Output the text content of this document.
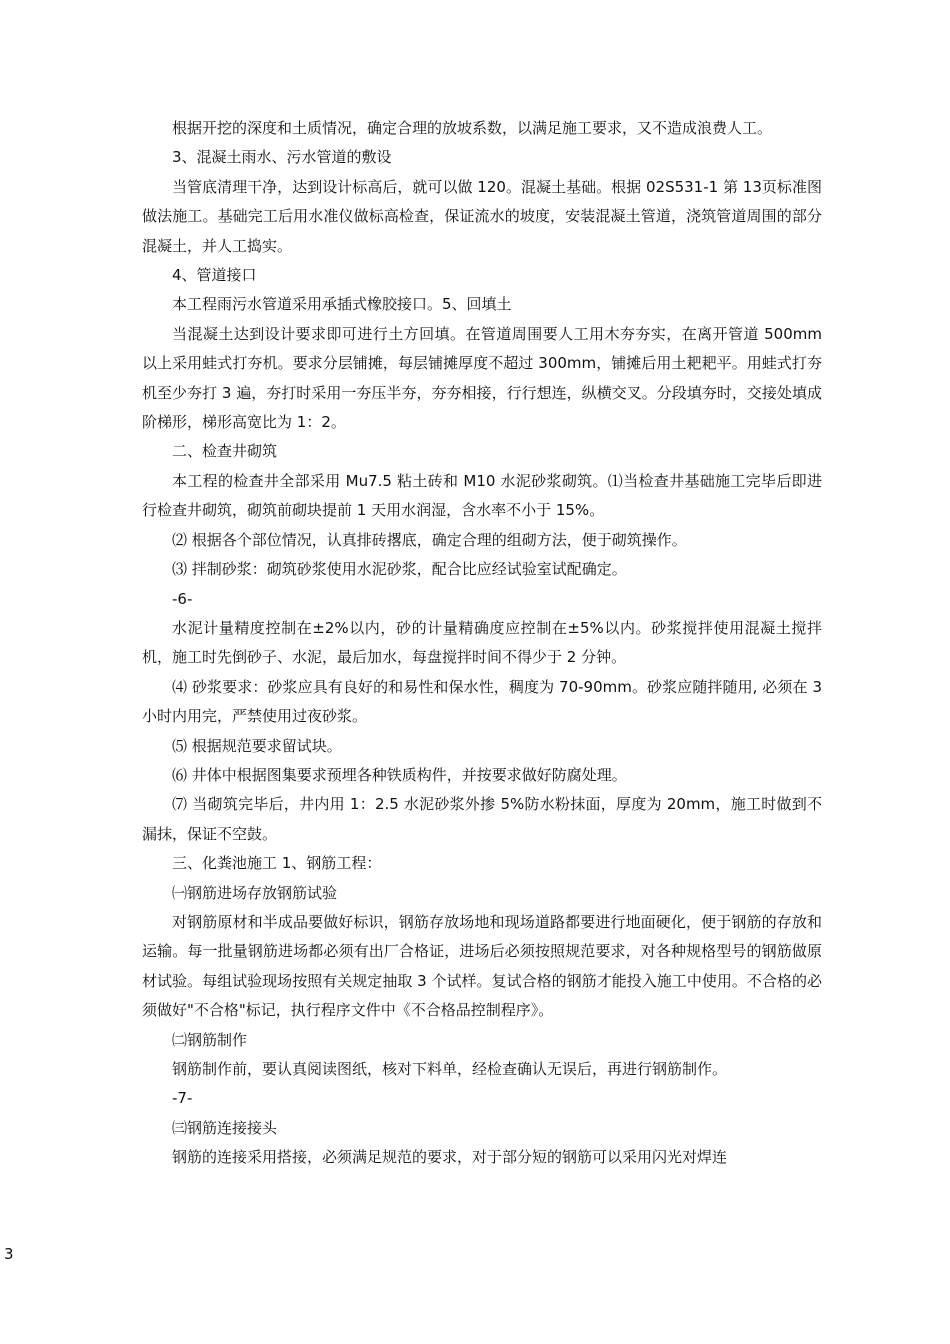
根据开挖的深度和土质情况，确定合理的放坡系数，以满足施工要求，又不造成浪费人工。

3、混凝土雨水、污水管道的敷设

当管底清理干净，达到设计标高后，就可以做 120。混凝土基础。根据 02S531-1 第 13页标准图做法施工。基础完工后用水准仪做标高检查，保证流水的坡度，安装混凝土管道，浇筑管道周围的部分混凝土，并人工捣实。

4、管道接口

本工程雨污水管道采用承插式橡胶接口。5、回填土

当混凝土达到设计要求即可进行土方回填。在管道周围要人工用木夯夯实，在离开管道 500mm 以上采用蛙式打夯机。要求分层铺摊，每层铺摊厚度不超过 300mm，铺摊后用土耙耙平。用蛙式打夯机至少夯打 3 遍，夯打时采用一夯压半夯，夯夯相接，行行想连，纵横交叉。分段填夯时，交接处填成阶梯形，梯形高宽比为 1：2。

二、检查井砌筑

本工程的检查井全部采用 Mu7.5 粘土砖和 M10 水泥砂浆砌筑。⑴当检查井基础施工完毕后即进行检查井砌筑，砌筑前砌块提前 1 天用水润湿，含水率不小于 15%。

⑵ 根据各个部位情况，认真排砖撂底，确定合理的组砌方法，便于砌筑操作。

⑶ 拌制砂浆：砌筑砂浆使用水泥砂浆，配合比应经试验室试配确定。

-6-

水泥计量精度控制在±2%以内，砂的计量精确度应控制在±5%以内。砂浆搅拌使用混凝土搅拌机，施工时先倒砂子、水泥，最后加水，每盘搅拌时间不得少于 2 分钟。

⑷ 砂浆要求：砂浆应具有良好的和易性和保水性，稠度为 70-90mm。砂浆应随拌随用, 必须在 3 小时内用完，严禁使用过夜砂浆。

⑸ 根据规范要求留试块。

⑹ 井体中根据图集要求预埋各种铁质构件，并按要求做好防腐处理。

⑺ 当砌筑完毕后，井内用 1：2.5 水泥砂浆外掺 5%防水粉抹面，厚度为 20mm，施工时做到不漏抹，保证不空鼓。

三、化粪池施工 1、钢筋工程：

㈠钢筋进场存放钢筋试验

对钢筋原材和半成品要做好标识，钢筋存放场地和现场道路都要进行地面硬化，便于钢筋的存放和运输。每一批量钢筋进场都必须有出厂合格证，进场后必须按照规范要求，对各种规格型号的钢筋做原材试验。每组试验现场按照有关规定抽取 3 个试样。复试合格的钢筋才能投入施工中使用。不合格的必须做好"不合格"标记，执行程序文件中《不合格品控制程序》。

㈡钢筋制作

钢筋制作前，要认真阅读图纸，核对下料单，经检查确认无误后，再进行钢筋制作。

-7-

㈢钢筋连接接头

钢筋的连接采用搭接，必须满足规范的要求，对于部分短的钢筋可以采用闪光对焊连

3
